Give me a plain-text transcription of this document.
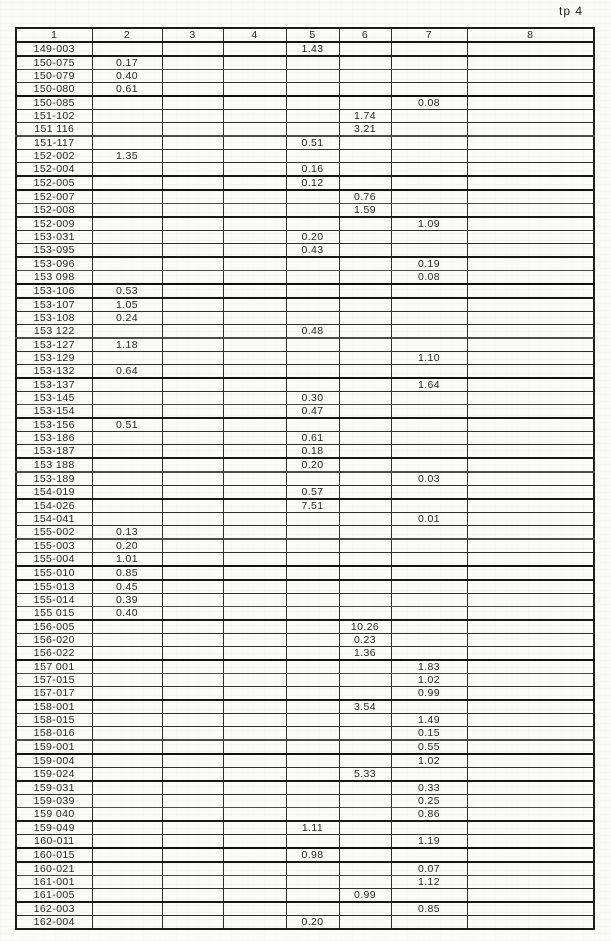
tp 4
1	2	3	4	5	6	7	8
149-003				1.43			
150-075	0.17						
150-079	0.40						
150-080	0.61						
150-085						0.08	
151-102					1.74		
151 116					3.21		
151-117				0.51			
152-002	1.35						
152-004				0.16			
152-005				0.12			
152-007					0.76		
152-008					1.59		
152-009						1.09	
153-031				0.20			
153-095				0.43			
153-096						0.19	
153 098						0.08	
153-106	0.53						
153-107	1.05						
153-108	0.24						
153 122				0.48			
153-127	1.18						
153-129						1.10	
153-132	0.64						
153-137						1.64	
153-145				0.30			
153-154				0.47			
153-156	0.51						
153-186				0.61			
153-187				0.18			
153 188				0.20			
153-189						0.03	
154-019				0.57			
154-026				7.51			
154-041						0.01	
155-002	0.13						
155-003	0.20						
155-004	1.01						
155-010	0.85						
155-013	0.45						
155-014	0.39						
155 015	0.40						
156-005					10.26		
156-020					0.23		
156-022					1.36		
157 001						1.83	
157-015						1.02	
157-017						0.99	
158-001					3.54		
158-015						1.49	
158-016						0.15	
159-001						0.55	
159-004						1.02	
159-024					5.33		
159-031						0.33	
159-039						0.25	
159 040						0.86	
159-049				1.11			
160-011						1.19	
160-015				0.98			
160-021						0.07	
161-001						1.12	
161-005					0.99		
162-003						0.85	
162-004				0.20			
